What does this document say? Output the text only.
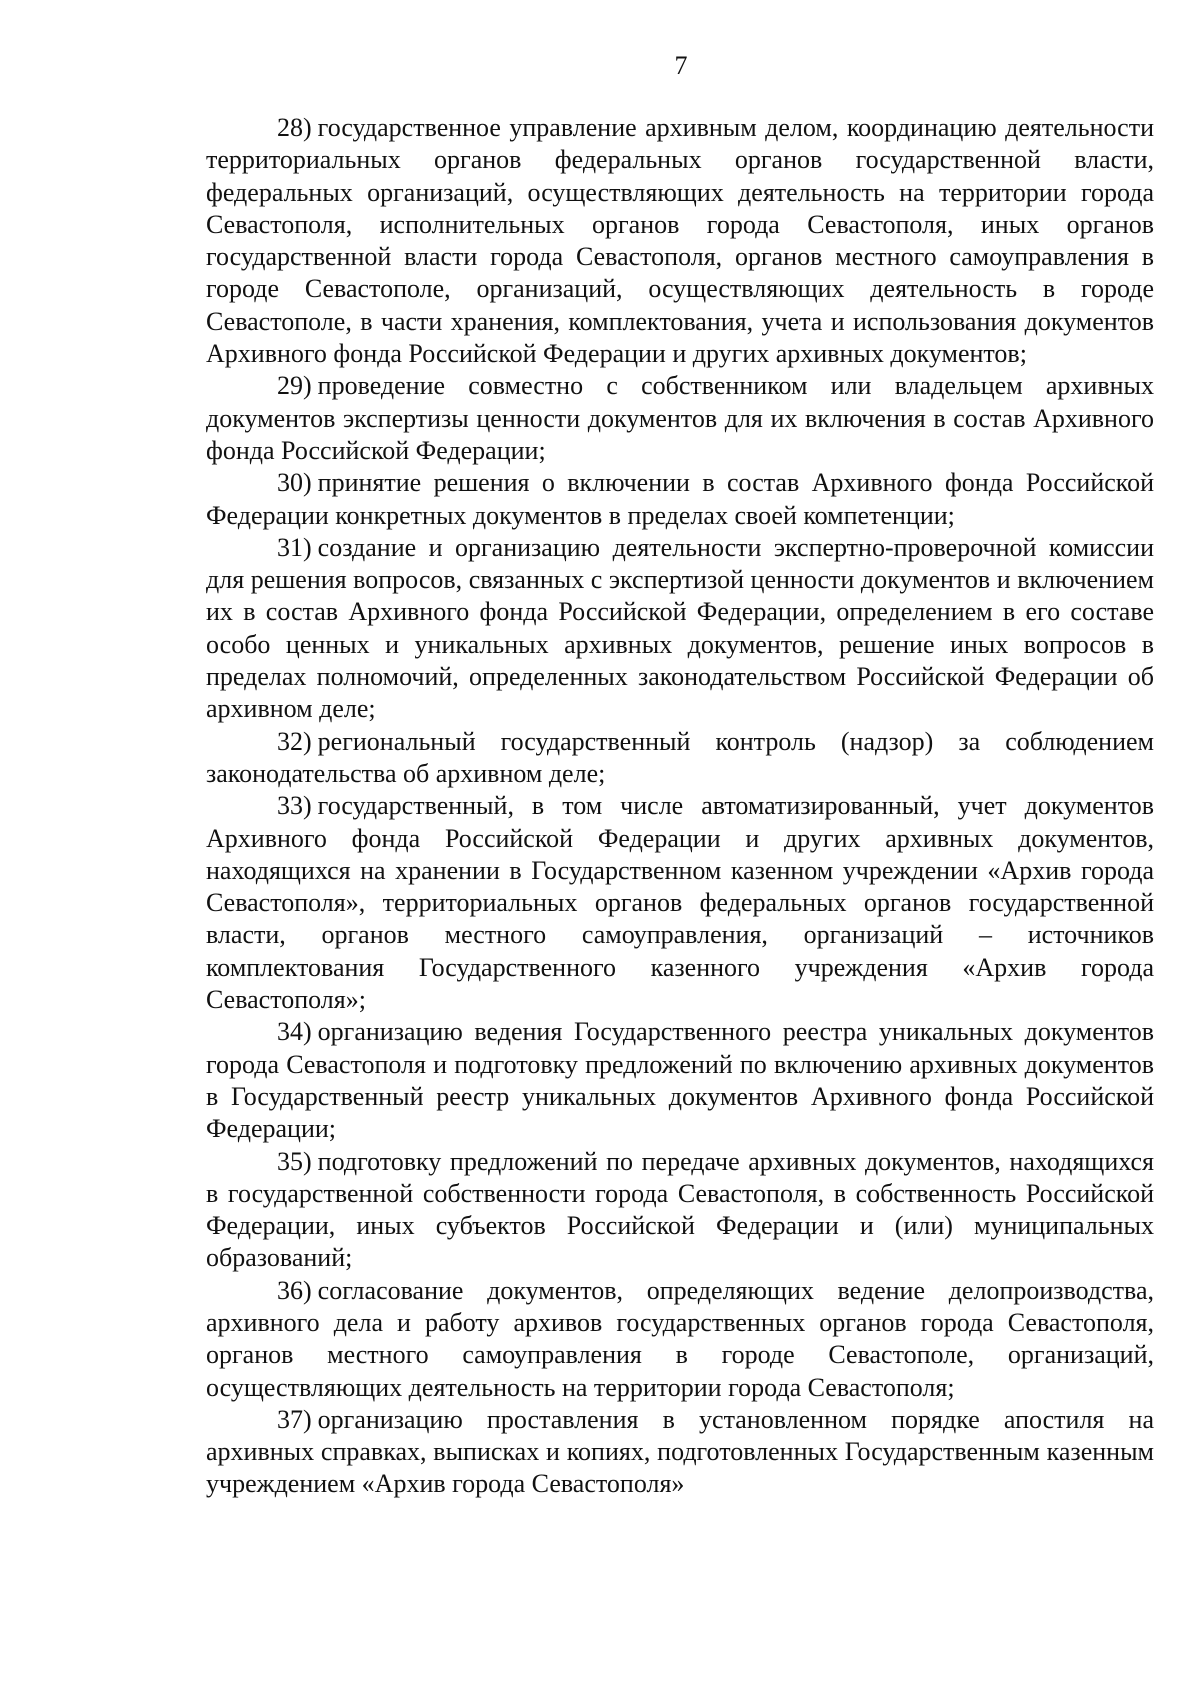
7

28) государственное управление архивным делом, координацию деятельности территориальных органов федеральных органов государственной власти, федеральных организаций, осуществляющих деятельность на территории города Севастополя, исполнительных органов города Севастополя, иных органов государственной власти города Севастополя, органов местного самоуправления в городе Севастополе, организаций, осуществляющих деятельность в городе Севастополе, в части хранения, комплектования, учета и использования документов Архивного фонда Российской Федерации и других архивных документов;

29) проведение совместно с собственником или владельцем архивных документов экспертизы ценности документов для их включения в состав Архивного фонда Российской Федерации;

30) принятие решения о включении в состав Архивного фонда Российской Федерации конкретных документов в пределах своей компетенции;

31) создание и организацию деятельности экспертно-проверочной комиссии для решения вопросов, связанных с экспертизой ценности документов и включением их в состав Архивного фонда Российской Федерации, определением в его составе особо ценных и уникальных архивных документов, решение иных вопросов в пределах полномочий, определенных законодательством Российской Федерации об архивном деле;

32) региональный государственный контроль (надзор) за соблюдением законодательства об архивном деле;

33) государственный, в том числе автоматизированный, учет документов Архивного фонда Российской Федерации и других архивных документов, находящихся на хранении в Государственном казенном учреждении «Архив города Севастополя», территориальных органов федеральных органов государственной власти, органов местного самоуправления, организаций – источников комплектования Государственного казенного учреждения «Архив города Севастополя»;

34) организацию ведения Государственного реестра уникальных документов города Севастополя и подготовку предложений по включению архивных документов в Государственный реестр уникальных документов Архивного фонда Российской Федерации;

35) подготовку предложений по передаче архивных документов, находящихся в государственной собственности города Севастополя, в собственность Российской Федерации, иных субъектов Российской Федерации и (или) муниципальных образований;

36) согласование документов, определяющих ведение делопроизводства, архивного дела и работу архивов государственных органов города Севастополя, органов местного самоуправления в городе Севастополе, организаций, осуществляющих деятельность на территории города Севастополя;

37) организацию проставления в установленном порядке апостиля на архивных справках, выписках и копиях, подготовленных Государственным казенным учреждением «Архив города Севастополя»
